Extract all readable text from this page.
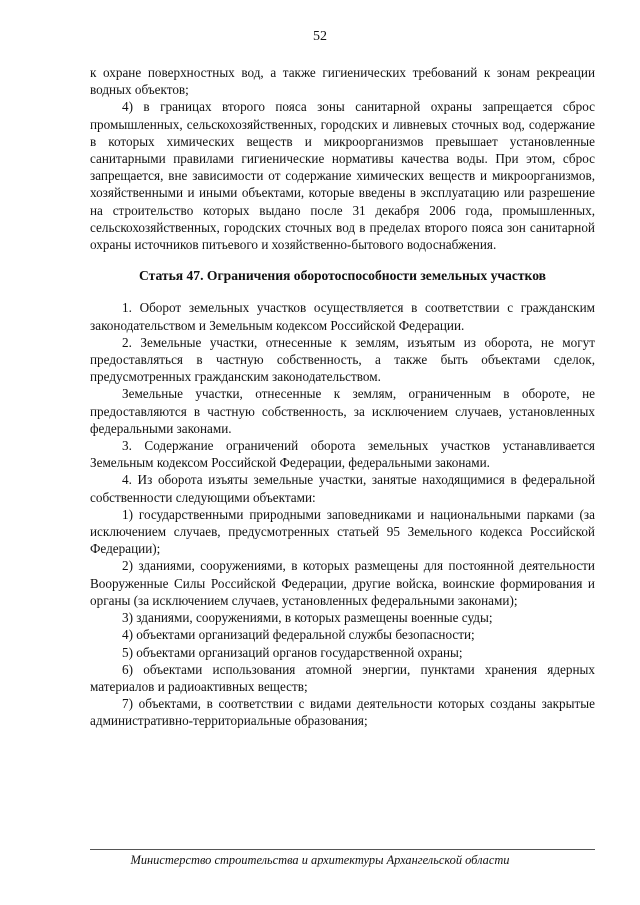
52

к охране поверхностных вод, а также гигиенических требований к зонам рекреации водных объектов;

4) в границах второго пояса зоны санитарной охраны запрещается сброс промышленных, сельскохозяйственных, городских и ливневых сточных вод, содержание в которых химических веществ и микроорганизмов превышает установленные санитарными правилами гигиенические нормативы качества воды. При этом, сброс запрещается, вне зависимости от содержание химических веществ и микроорганизмов, хозяйственными и иными объектами, которые введены в эксплуатацию или разрешение на строительство которых выдано после 31 декабря 2006 года, промышленных, сельскохозяйственных, городских сточных вод в пределах второго пояса зон санитарной охраны источников питьевого и хозяйственно-бытового водоснабжения.

Статья 47. Ограничения оборотоспособности земельных участков

1. Оборот земельных участков осуществляется в соответствии с гражданским законодательством и Земельным кодексом Российской Федерации.

2. Земельные участки, отнесенные к землям, изъятым из оборота, не могут предоставляться в частную собственность, а также быть объектами сделок, предусмотренных гражданским законодательством.

Земельные участки, отнесенные к землям, ограниченным в обороте, не предоставляются в частную собственность, за исключением случаев, установленных федеральными законами.

3. Содержание ограничений оборота земельных участков устанавливается Земельным кодексом Российской Федерации, федеральными законами.

4. Из оборота изъяты земельные участки, занятые находящимися в федеральной собственности следующими объектами:

1) государственными природными заповедниками и национальными парками (за исключением случаев, предусмотренных статьей 95 Земельного кодекса Российской Федерации);

2) зданиями, сооружениями, в которых размещены для постоянной деятельности Вооруженные Силы Российской Федерации, другие войска, воинские формирования и органы (за исключением случаев, установленных федеральными законами);

3) зданиями, сооружениями, в которых размещены военные суды;

4) объектами организаций федеральной службы безопасности;

5) объектами организаций органов государственной охраны;

6) объектами использования атомной энергии, пунктами хранения ядерных материалов и радиоактивных веществ;

7) объектами, в соответствии с видами деятельности которых созданы закрытые административно-территориальные образования;

Министерство строительства и архитектуры Архангельской области
